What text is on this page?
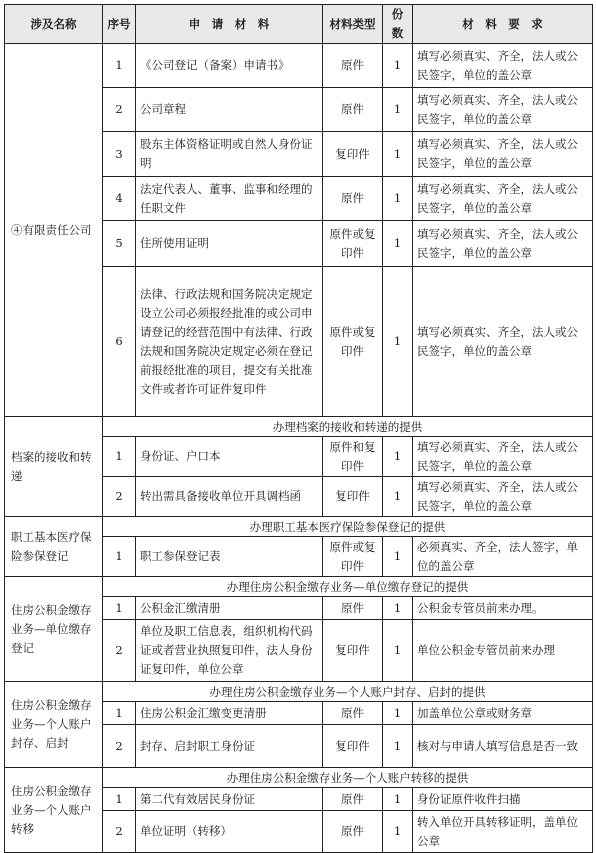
涉及名称	序号	申　请　材　料	材料类型	份数	材　料　要　求
④有限责任公司	1	《公司登记（备案）申请书》	原件	1	填写必须真实、齐全，法人或公民签字，单位的盖公章
	2	公司章程	原件	1	填写必须真实、齐全，法人或公民签字，单位的盖公章
	3	股东主体资格证明或自然人身份证明	复印件	1	填写必须真实、齐全，法人或公民签字，单位的盖公章
	4	法定代表人、董事、监事和经理的任职文件	原件	1	填写必须真实、齐全，法人或公民签字，单位的盖公章
	5	住所使用证明	原件或复印件	1	填写必须真实、齐全，法人或公民签字，单位的盖公章
	6	法律、行政法规和国务院决定规定设立公司必须报经批准的或公司申请登记的经营范围中有法律、行政法规和国务院决定规定必须在登记前报经批准的项目，提交有关批准文件或者许可证件复印件	原件或复印件	1	填写必须真实、齐全，法人或公民签字，单位的盖公章
档案的接收和转递	办理档案的接收和转递的提供				
	1	身份证、户口本	原件和复印件	1	填写必须真实、齐全，法人或公民签字，单位的盖公章
	2	转出需具备接收单位开具调档函	复印件	1	填写必须真实、齐全，法人或公民签字，单位的盖公章
职工基本医疗保险参保登记	办理职工基本医疗保险参保登记的提供				
	1	职工参保登记表	原件或复印件	1	必须真实、齐全，法人签字，单位的盖公章
住房公积金缴存业务—单位缴存登记	办理住房公积金缴存业务—单位缴存登记的提供				
	1	公积金汇缴清册	原件	1	公积金专管员前来办理。
	2	单位及职工信息表，组织机构代码证或者营业执照复印件，法人身份证复印件，单位公章	复印件	1	单位公积金专管员前来办理
住房公积金缴存业务—个人账户封存、启封	办理住房公积金缴存业务—个人账户封存、启封的提供				
	1	住房公积金汇缴变更清册	原件	1	加盖单位公章或财务章
	2	封存、启封职工身份证	复印件	1	核对与申请人填写信息是否一致
住房公积金缴存业务—个人账户转移	办理住房公积金缴存业务—个人账户转移的提供				
	1	第二代有效居民身份证	原件	1	身份证原件收件扫描
	2	单位证明（转移）	原件	1	转入单位开具转移证明，盖单位公章
